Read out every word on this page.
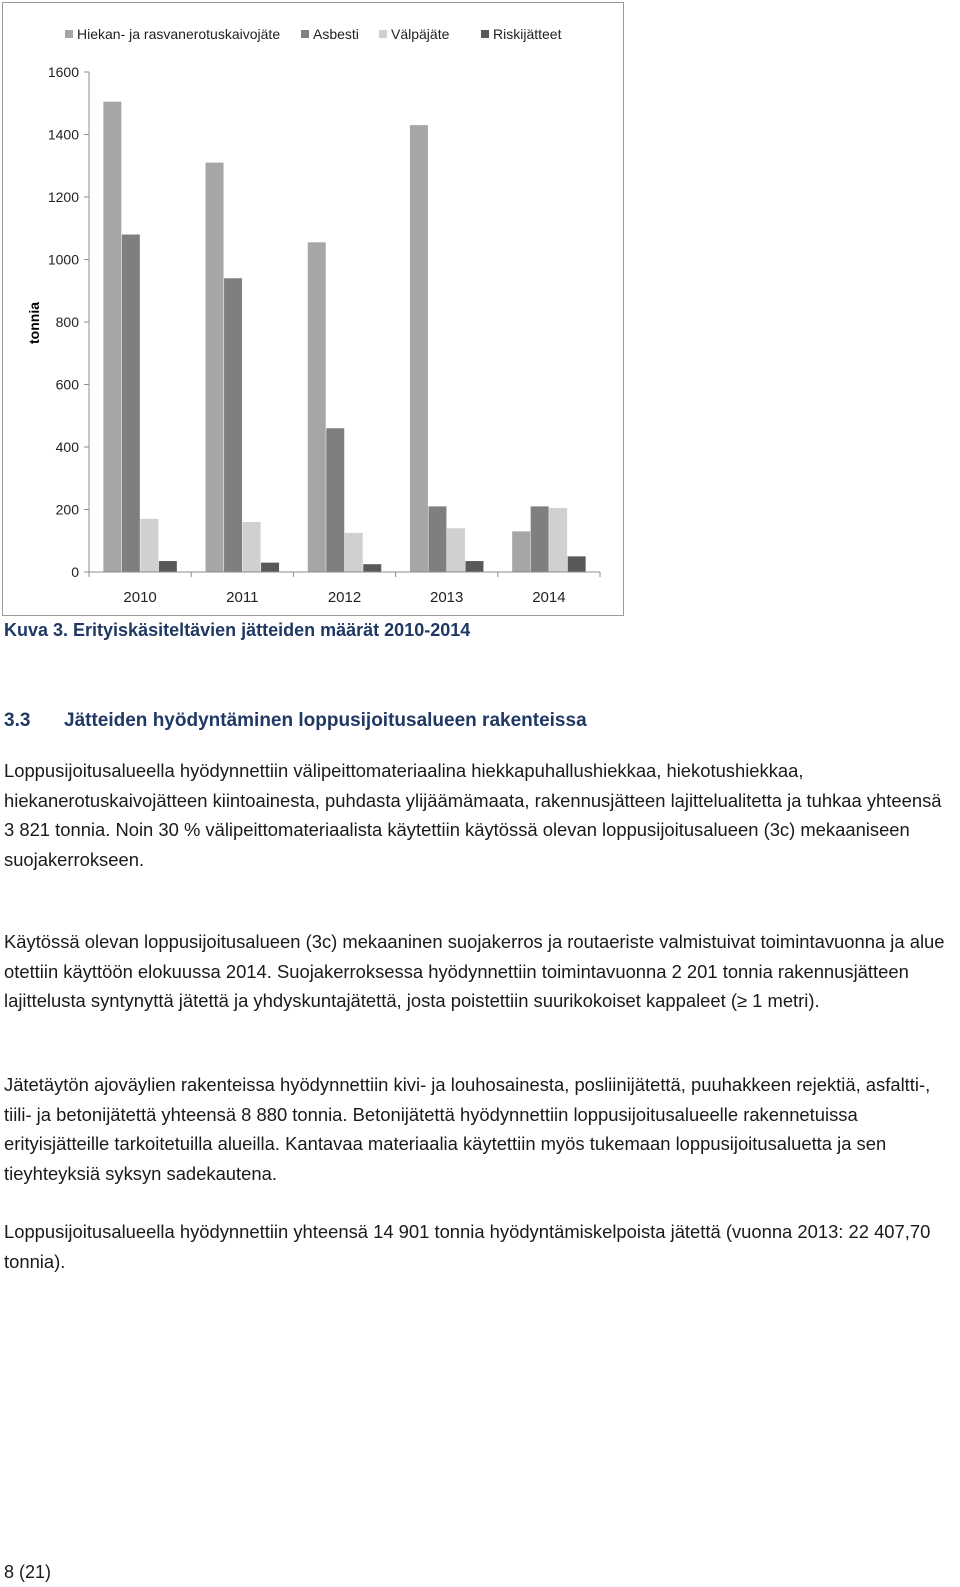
Hiekan- ja rasvanerotuskaivojäte Asbesti Välpäjäte	Riskijätteet
tonnia
0
200
400
600
800
1000
1200
1400
1600
2010	2011	2012	2013	2014
Kuva 3. Erityiskäsiteltävien jätteiden määrät 2010-2014
3.3 Jätteiden hyödyntäminen loppusijoitusalueen rakenteissa

Loppusijoitusalueella hyödynnettiin välipeittomateriaalina hiekkapuhallushiekkaa, hiekotushiekkaa, hiekanerotuskaivojätteen kiintoainesta, puhdasta ylijäämämaata, rakennusjätteen lajittelualitetta ja tuhkaa yhteensä 3 821 tonnia. Noin 30 % välipeittomateriaalista käytettiin käytössä olevan loppusijoitusalueen (3c) mekaaniseen suojakerrokseen.

Käytössä olevan loppusijoitusalueen (3c) mekaaninen suojakerros ja routaeriste valmistuivat toimintavuonna ja alue otettiin käyttöön elokuussa 2014. Suojakerroksessa hyödynnettiin toimintavuonna 2 201 tonnia rakennusjätteen lajittelusta syntynyttä jätettä ja yhdyskuntajätettä, josta poistettiin suurikokoiset kappaleet (≥ 1 metri).

Jätetäytön ajoväylien rakenteissa hyödynnettiin kivi- ja louhosainesta, posliinijätettä, puuhakkeen rejektiä, asfaltti-, tiili- ja betonijätettä yhteensä 8 880 tonnia. Betonijätettä hyödynnettiin loppusijoitusalueelle rakennetuissa erityisjätteille tarkoitetuilla alueilla. Kantavaa materiaalia käytettiin myös tukemaan loppusijoitusaluetta ja sen tieyhteyksiä syksyn sadekautena.

Loppusijoitusalueella hyödynnettiin yhteensä 14 901 tonnia hyödyntämiskelpoista jätettä (vuonna 2013: 22 407,70 tonnia).

8 (21)
